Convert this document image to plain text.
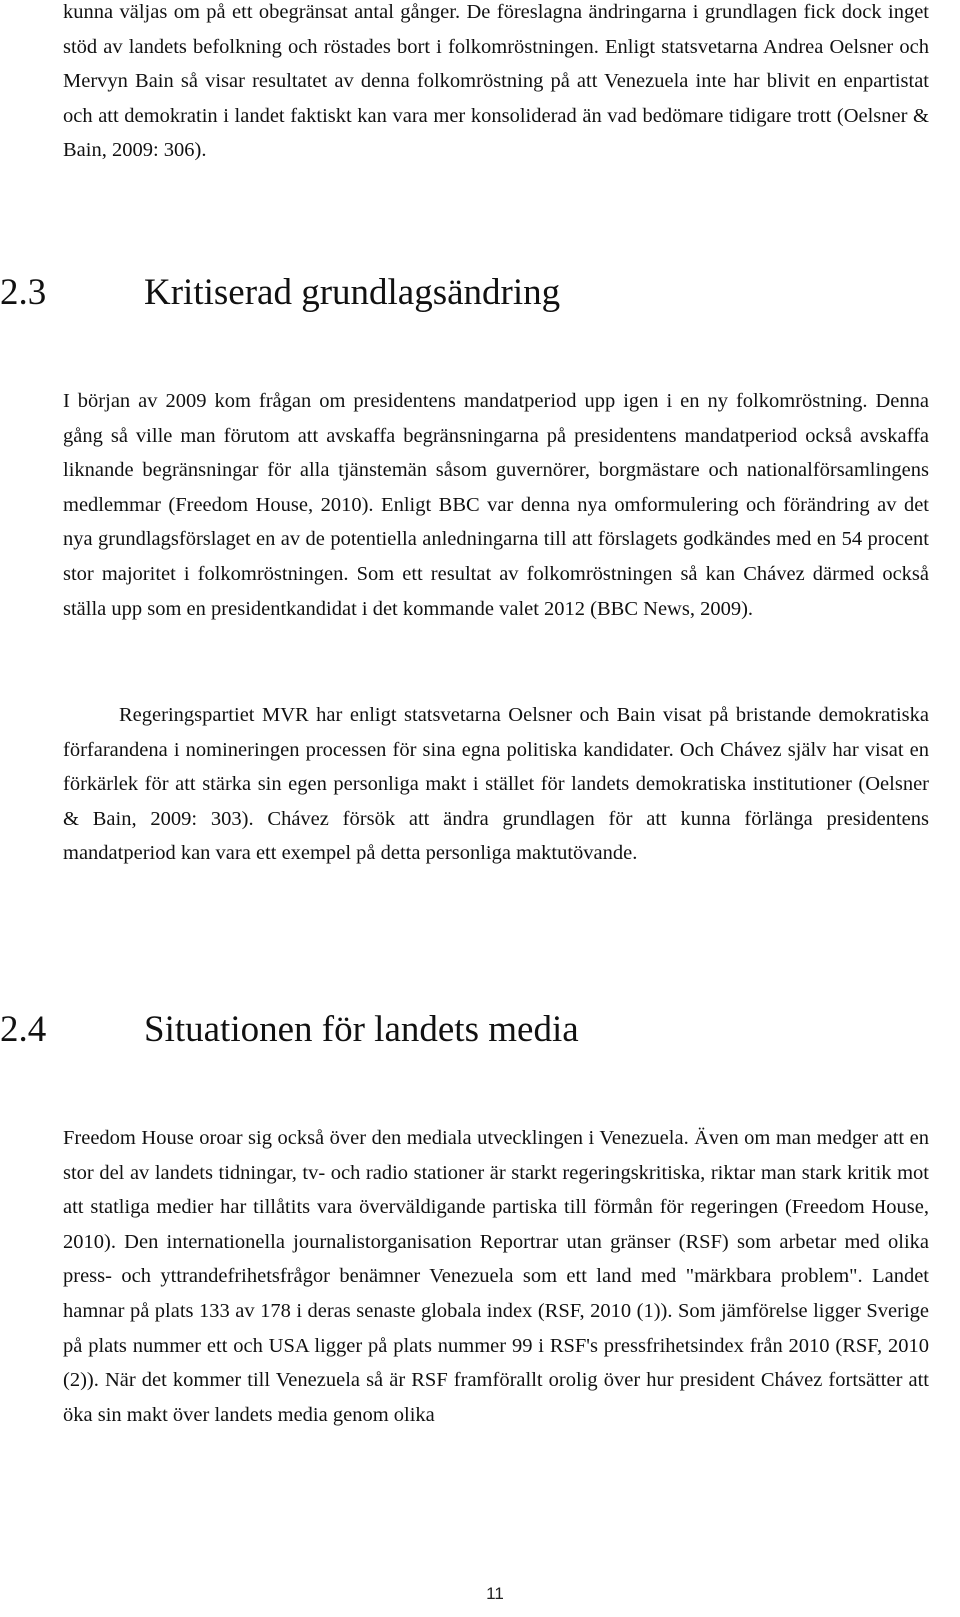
kunna väljas om på ett obegränsat antal gånger. De föreslagna ändringarna i grundlagen fick dock inget stöd av landets befolkning och röstades bort i folkomröstningen. Enligt statsvetarna Andrea Oelsner och Mervyn Bain så visar resultatet av denna folkomröstning på att Venezuela inte har blivit en enpartistat och att demokratin i landet faktiskt kan vara mer konsoliderad än vad bedömare tidigare trott (Oelsner & Bain, 2009: 306).

2.3	Kritiserad grundlagsändring

I början av 2009 kom frågan om presidentens mandatperiod upp igen i en ny folkomröstning. Denna gång så ville man förutom att avskaffa begränsningarna på presidentens mandatperiod också avskaffa liknande begränsningar för alla tjänstemän såsom guvernörer, borgmästare och nationalförsamlingens medlemmar (Freedom House, 2010). Enligt BBC var denna nya omformulering och förändring av det nya grundlagsförslaget en av de potentiella anledningarna till att förslagets godkändes med en 54 procent stor majoritet i folkomröstningen. Som ett resultat av folkomröstningen så kan Chávez därmed också ställa upp som en presidentkandidat i det kommande valet 2012 (BBC News, 2009).

Regeringspartiet MVR har enligt statsvetarna Oelsner och Bain visat på bristande demokratiska förfarandena i nomineringen processen för sina egna politiska kandidater. Och Chávez själv har visat en förkärlek för att stärka sin egen personliga makt i stället för landets demokratiska institutioner (Oelsner & Bain, 2009: 303). Chávez försök att ändra grundlagen för att kunna förlänga presidentens mandatperiod kan vara ett exempel på detta personliga maktutövande.

2.4	Situationen för landets media

Freedom House oroar sig också över den mediala utvecklingen i Venezuela. Även om man medger att en stor del av landets tidningar, tv- och radio stationer är starkt regeringskritiska, riktar man stark kritik mot att statliga medier har tillåtits vara överväldigande partiska till förmån för regeringen (Freedom House, 2010). Den internationella journalistorganisation Reportrar utan gränser (RSF) som arbetar med olika press- och yttrandefrihetsfrågor benämner Venezuela som ett land med "märkbara problem". Landet hamnar på plats 133 av 178 i deras senaste globala index (RSF, 2010 (1)). Som jämförelse ligger Sverige på plats nummer ett och USA ligger på plats nummer 99 i RSF's pressfrihetsindex från 2010 (RSF, 2010 (2)). När det kommer till Venezuela så är RSF framförallt orolig över hur president Chávez fortsätter att öka sin makt över landets media genom olika

11
